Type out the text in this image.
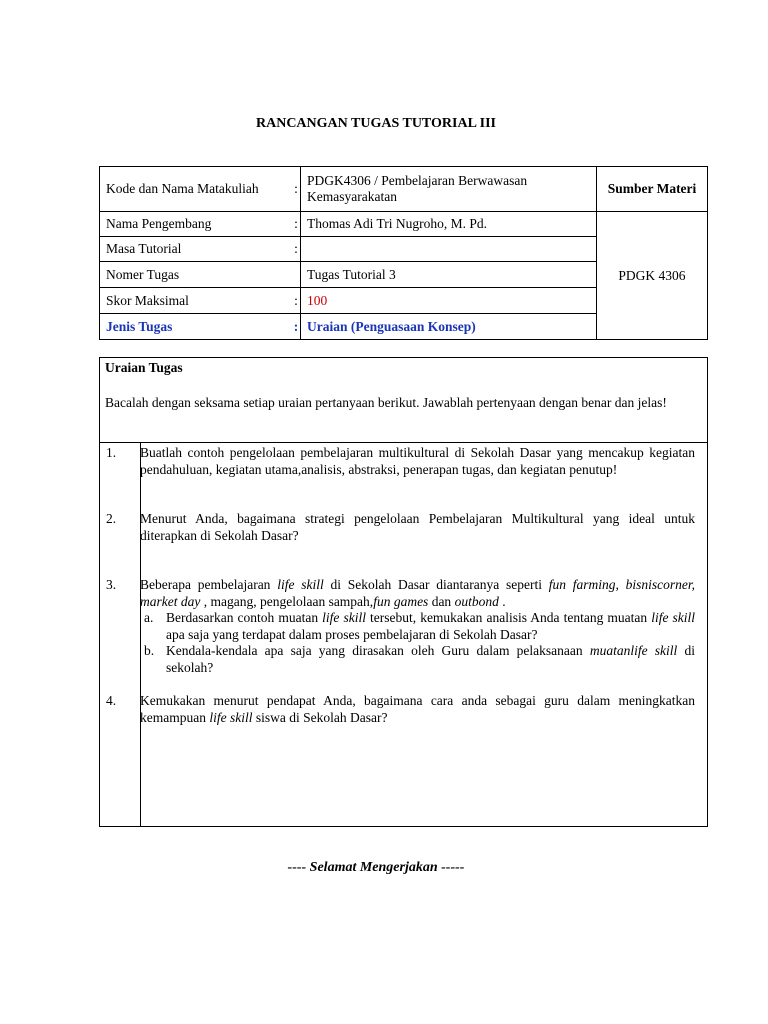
RANCANGAN TUGAS TUTORIAL III
Kode dan Nama Matakuliah	:	PDGK4306 / Pembelajaran Berwawasan Kemasyarakatan	Sumber Materi
Nama Pengembang	:	Thomas Adi Tri Nugroho, M. Pd.	PDGK 4306
Masa Tutorial	:		
Nomer Tugas		Tugas Tutorial 3	
Skor Maksimal	:	100	
Jenis Tugas	:	Uraian (Penguasaan Konsep)	
Uraian Tugas
Bacalah dengan seksama setiap uraian pertanyaan berikut. Jawablah pertenyaan dengan benar dan jelas!

1.	Buatlah contoh pengelolaan pembelajaran multikultural di Sekolah Dasar yang mencakup kegiatan pendahuluan, kegiatan utama,analisis, abstraksi, penerapan tugas, dan kegiatan penutup!
2.	Menurut Anda, bagaimana strategi pengelolaan Pembelajaran Multikultural yang ideal untuk diterapkan di Sekolah Dasar?
3.	Beberapa pembelajaran life skill di Sekolah Dasar diantaranya seperti fun farming, bisniscorner, market day , magang, pengelolaan sampah,fun games dan outbond .
a. Berdasarkan contoh muatan life skill tersebut, kemukakan analisis Anda tentang muatan life skill apa saja yang terdapat dalam proses pembelajaran di Sekolah Dasar?
b. Kendala-kendala apa saja yang dirasakan oleh Guru dalam pelaksanaan muatanlife skill di sekolah?
4.	Kemukakan menurut pendapat Anda, bagaimana cara anda sebagai guru dalam meningkatkan kemampuan life skill siswa di Sekolah Dasar?
---- Selamat Mengerjakan -----
